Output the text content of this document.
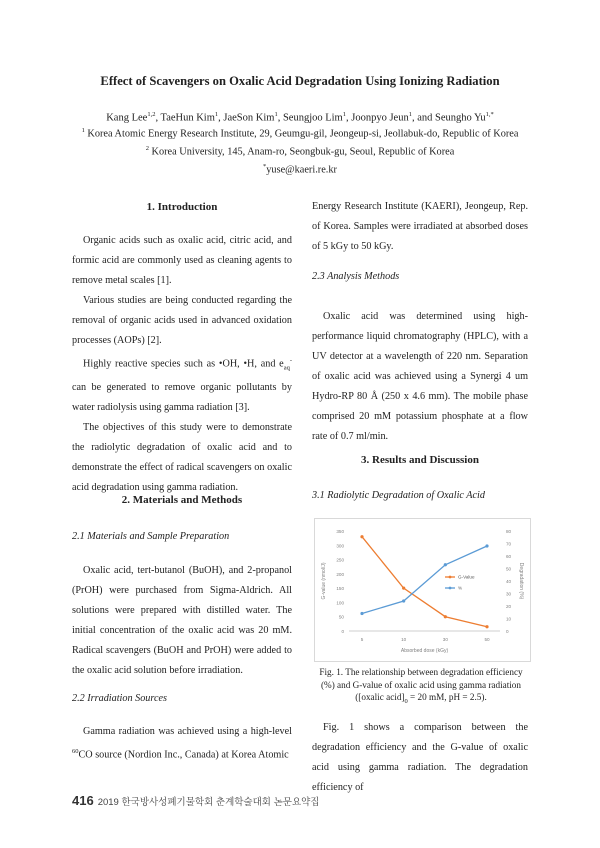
Effect of Scavengers on Oxalic Acid Degradation Using Ionizing Radiation
Kang Lee$^{1,2}$, TaeHun Kim$^1$, JaeSon Kim$^1$, Seungjoo Lim$^1$, Joonpyo Jeun$^1$, and Seungho $Yu^{1,*}$
$^1$ Korea Atomic Energy Research Institute, 29, Geumgu-gil, Jeongeup-si, Jeollabuk-do, Republic of Korea
$^2$ Korea University, 145, Anam-ro, Seongbuk-gu, Seoul, Republic of Korea
*yuse@kaeri.re.kr
1. Introduction

Organic acids such as oxalic acid, citric acid, and formic acid are commonly used as cleaning agents to remove metal scales [1].

Various studies are being conducted regarding the removal of organic acids used in advanced oxidation processes (AOPs) [2].

Highly reactive species such as •OH, •H, and $e_{aq}^-$ can be generated to remove organic pollutants by water radiolysis using gamma radiation [3].

The objectives of this study were to demonstrate the radiolytic degradation of oxalic acid and to demonstrate the effect of radical scavengers on oxalic acid degradation using gamma radiation.

2. Materials and Methods
2.1 Materials and Sample Preparation

Oxalic acid, tert-butanol (BuOH), and 2-propanol (PrOH) were purchased from Sigma-Aldrich. All solutions were prepared with distilled water. The initial concentration of the oxalic acid was 20 mM. Radical scavengers (BuOH and PrOH) were added to the oxalic acid solution before irradiation.

2.2 Irradiation Sources

Gamma radiation was achieved using a high-level $^{60}$CO source (Nordion Inc., Canada) at Korea Atomic

Energy Research Institute (KAERI), Jeongeup, Rep. of Korea. Samples were irradiated at absorbed doses of 5 kGy to 50 kGy.

2.3 Analysis Methods

Oxalic acid was determined using high-performance liquid chromatography (HPLC), with a UV detector at a wavelength of 220 nm. Separation of oxalic acid was achieved using a Synergi 4 um Hydro-RP 80 Å (250 x 4.6 mm). The mobile phase comprised 20 mM potassium phosphate at a flow rate of 0.7 ml/min.

3. Results and Discussion
3.1 Radiolytic Degradation of Oxalic Acid
0
50
100
150
200
250
300
350
0
10
20
30
40
50
60
70
80
5	10	30	50
Absorbed dose (kGy)
G-value (nmol/J)	Degradation (%)
G-Value
%
Fig. 1. The relationship between degradation efficiency (%) and G-value of oxalic acid using gamma radiation ([oxalic $acid]_0 = 20$ mM, pH = 2.5).

Fig. 1 shows a comparison between the degradation efficiency and the G-value of oxalic acid using gamma radiation. The degradation efficiency of

416 2019 한국방사성폐기물학회 춘계학술대회 논문요약집
